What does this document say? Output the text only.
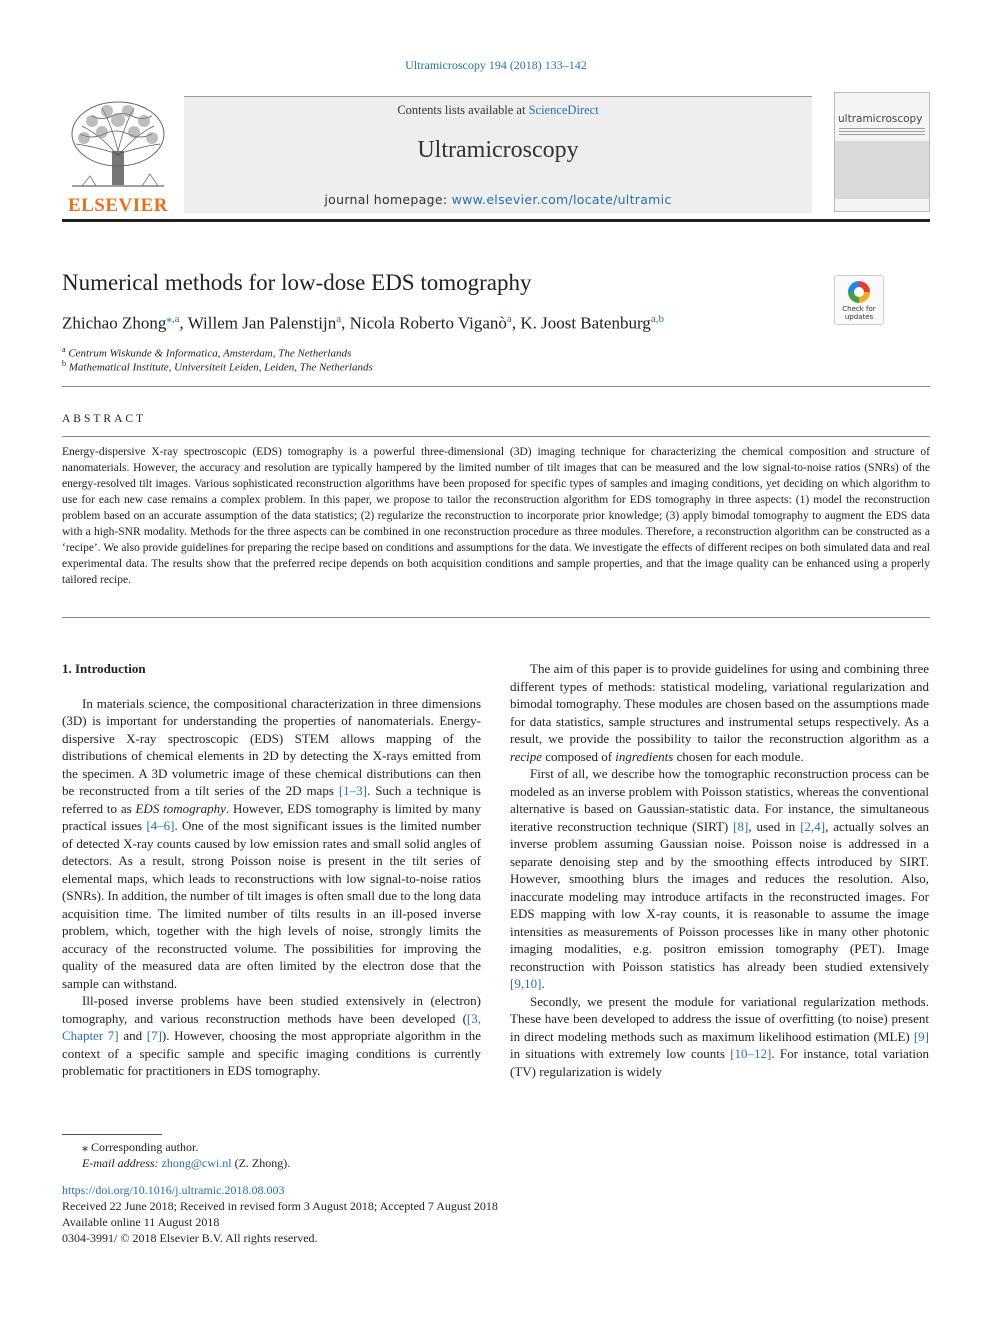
Ultramicroscopy 194 (2018) 133–142
ELSEVIER
Contents lists available at ScienceDirect
Ultramicroscopy
journal homepage: www.elsevier.com/locate/ultramic
ultramicroscopy
Numerical methods for low-dose EDS tomography
Check for updates
Zhichao Zhong$^{⁎,a}$, Willem Jan Palenstijn$^a$, Nicola Roberto Viganò$^a$, K. Joost Batenburg$^{a,b}$
$^a$ Centrum Wiskunde & Informatica, Amsterdam, The Netherlands
$^b$ Mathematical Institute, Universiteit Leiden, Leiden, The Netherlands
ABSTRACT
Energy-dispersive X-ray spectroscopic (EDS) tomography is a powerful three-dimensional (3D) imaging technique for characterizing the chemical composition and structure of nanomaterials. However, the accuracy and resolution are typically hampered by the limited number of tilt images that can be measured and the low signal-to-noise ratios (SNRs) of the energy-resolved tilt images. Various sophisticated reconstruction algorithms have been proposed for specific types of samples and imaging conditions, yet deciding on which algorithm to use for each new case remains a complex problem. In this paper, we propose to tailor the reconstruction algorithm for EDS tomography in three aspects: (1) model the reconstruction problem based on an accurate assumption of the data statistics; (2) regularize the reconstruction to incorporate prior knowledge; (3) apply bimodal tomography to augment the EDS data with a high-SNR modality. Methods for the three aspects can be combined in one reconstruction procedure as three modules. Therefore, a reconstruction algorithm can be constructed as a ‘recipe’. We also provide guidelines for preparing the recipe based on conditions and assumptions for the data. We investigate the effects of different recipes on both simulated data and real experimental data. The results show that the preferred recipe depends on both acquisition conditions and sample properties, and that the image quality can be enhanced using a properly tailored recipe.
1. Introduction

In materials science, the compositional characterization in three dimensions (3D) is important for understanding the properties of nanomaterials. Energy-dispersive X-ray spectroscopic (EDS) STEM allows mapping of the distributions of chemical elements in 2D by detecting the X-rays emitted from the specimen. A 3D volumetric image of these chemical distributions can then be reconstructed from a tilt series of the 2D maps [1–3]. Such a technique is referred to as EDS tomography. However, EDS tomography is limited by many practical issues [4–6]. One of the most significant issues is the limited number of detected X-ray counts caused by low emission rates and small solid angles of detectors. As a result, strong Poisson noise is present in the tilt series of elemental maps, which leads to reconstructions with low signal-to-noise ratios (SNRs). In addition, the number of tilt images is often small due to the long data acquisition time. The limited number of tilts results in an ill-posed inverse problem, which, together with the high levels of noise, strongly limits the accuracy of the reconstructed volume. The possibilities for improving the quality of the measured data are often limited by the electron dose that the sample can withstand.

Ill-posed inverse problems have been studied extensively in (electron) tomography, and various reconstruction methods have been developed ([3, Chapter 7] and [7]). However, choosing the most appropriate algorithm in the context of a specific sample and specific imaging conditions is currently problematic for practitioners in EDS tomography.

The aim of this paper is to provide guidelines for using and combining three different types of methods: statistical modeling, variational regularization and bimodal tomography. These modules are chosen based on the assumptions made for data statistics, sample structures and instrumental setups respectively. As a result, we provide the possibility to tailor the reconstruction algorithm as a recipe composed of ingredients chosen for each module.

First of all, we describe how the tomographic reconstruction process can be modeled as an inverse problem with Poisson statistics, whereas the conventional alternative is based on Gaussian-statistic data. For instance, the simultaneous iterative reconstruction technique (SIRT) [8], used in [2,4], actually solves an inverse problem assuming Gaussian noise. Poisson noise is addressed in a separate denoising step and by the smoothing effects introduced by SIRT. However, smoothing blurs the images and reduces the resolution. Also, inaccurate modeling may introduce artifacts in the reconstructed images. For EDS mapping with low X-ray counts, it is reasonable to assume the image intensities as measurements of Poisson processes like in many other photonic imaging modalities, e.g. positron emission tomography (PET). Image reconstruction with Poisson statistics has already been studied extensively [9,10].

Secondly, we present the module for variational regularization methods. These have been developed to address the issue of overfitting (to noise) present in direct modeling methods such as maximum likelihood estimation (MLE) [9] in situations with extremely low counts [10–12]. For instance, total variation (TV) regularization is widely

⁎ Corresponding author.
E-mail address: zhong@cwi.nl (Z. Zhong).
https://doi.org/10.1016/j.ultramic.2018.08.003
Received 22 June 2018; Received in revised form 3 August 2018; Accepted 7 August 2018
Available online 11 August 2018
0304-3991/ © 2018 Elsevier B.V. All rights reserved.
